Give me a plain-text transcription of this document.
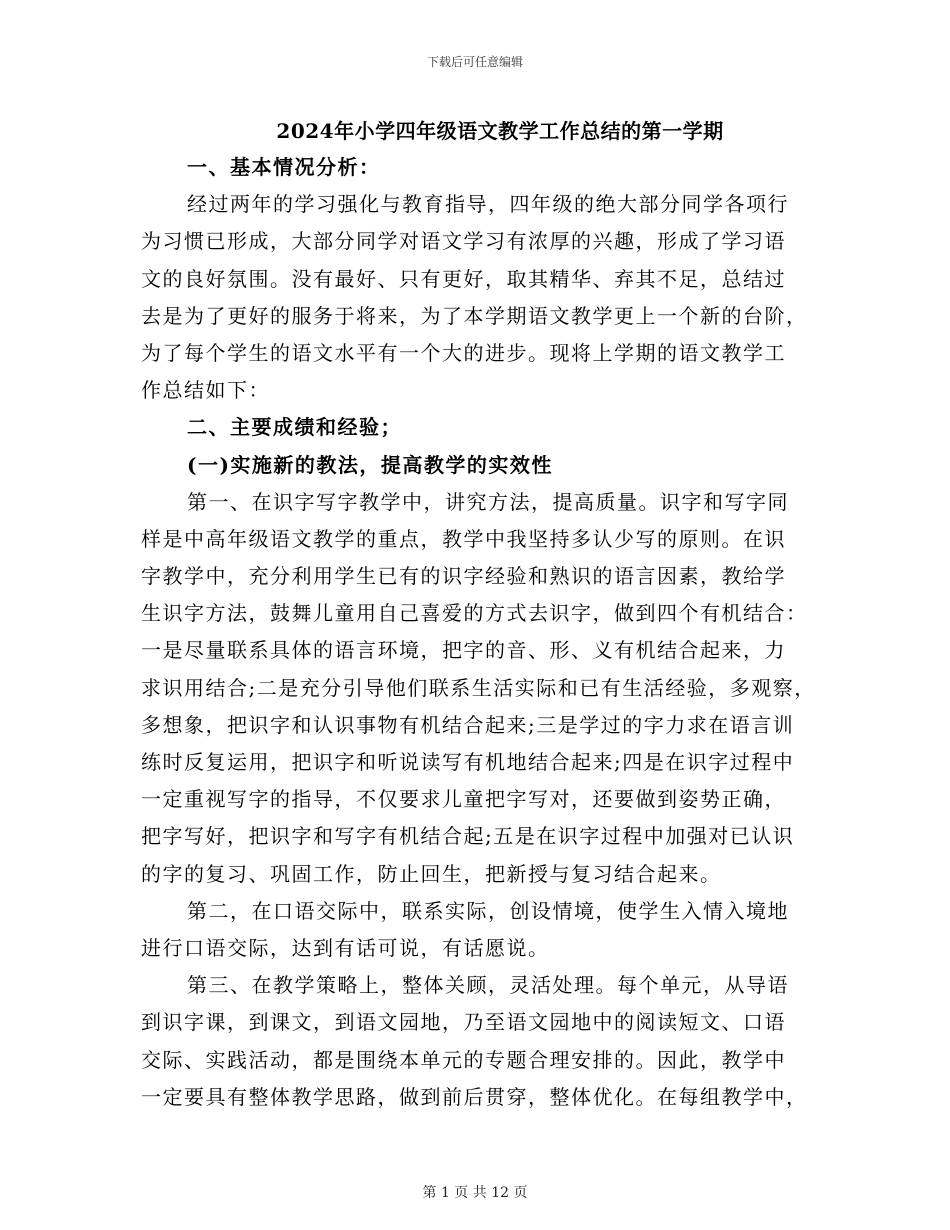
下载后可任意编辑
2024年小学四年级语文教学工作总结的第一学期
一、基本情况分析：
经过两年的学习强化与教育指导，四年级的绝大部分同学各项行
为习惯已形成，大部分同学对语文学习有浓厚的兴趣，形成了学习语
文的良好氛围。没有最好、只有更好，取其精华、弃其不足，总结过
去是为了更好的服务于将来，为了本学期语文教学更上一个新的台阶，
为了每个学生的语文水平有一个大的进步。现将上学期的语文教学工
作总结如下：
二、主要成绩和经验；
(一)实施新的教法，提高教学的实效性
第一、在识字写字教学中，讲究方法，提高质量。识字和写字同
样是中高年级语文教学的重点，教学中我坚持多认少写的原则。在识
字教学中，充分利用学生已有的识字经验和熟识的语言因素，教给学
生识字方法，鼓舞儿童用自己喜爱的方式去识字，做到四个有机结合：
一是尽量联系具体的语言环境，把字的音、形、义有机结合起来，力
求识用结合;二是充分引导他们联系生活实际和已有生活经验，多观察，
多想象，把识字和认识事物有机结合起来;三是学过的字力求在语言训
练时反复运用，把识字和听说读写有机地结合起来;四是在识字过程中
一定重视写字的指导，不仅要求儿童把字写对，还要做到姿势正确，
把字写好，把识字和写字有机结合起;五是在识字过程中加强对已认识
的字的复习、巩固工作，防止回生，把新授与复习结合起来。
第二，在口语交际中，联系实际，创设情境，使学生入情入境地
进行口语交际，达到有话可说，有话愿说。
第三、在教学策略上，整体关顾，灵活处理。每个单元，从导语
到识字课，到课文，到语文园地，乃至语文园地中的阅读短文、口语
交际、实践活动，都是围绕本单元的专题合理安排的。因此，教学中
一定要具有整体教学思路，做到前后贯穿，整体优化。在每组教学中，
第 1 页 共 12 页
